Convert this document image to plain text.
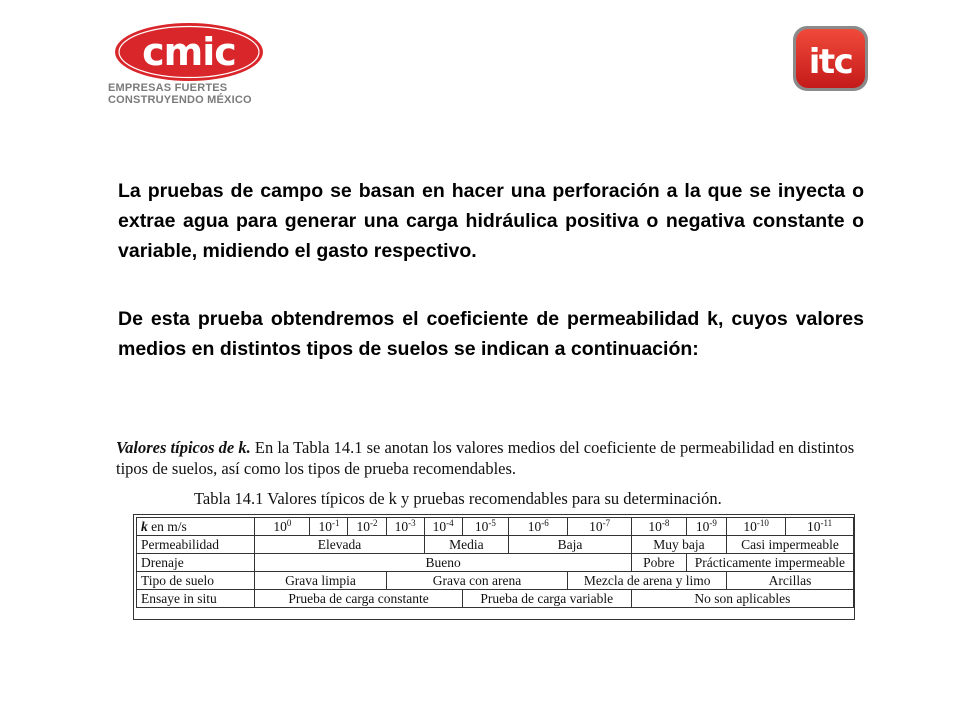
cmic
EMPRESAS FUERTES
CONSTRUYENDO MÉXICO
itc

La pruebas de campo se basan en hacer una perforación a la que se inyecta o extrae agua para generar una carga hidráulica positiva o negativa constante o variable, midiendo el gasto respectivo.

De esta prueba obtendremos el coeficiente de permeabilidad k, cuyos valores medios en distintos tipos de suelos se indican a continuación:

Valores típicos de k. En la Tabla 14.1 se anotan los valores medios del coeficiente de permeabilidad en distintos tipos de suelos, así como los tipos de prueba recomendables.
Tabla 14.1 Valores típicos de k y pruebas recomendables para su determinación.
k en m/s	$10^0$	$10^{-1}$	$10^{-2}$	$10^{-3}$	$10^{-4}$	$10^{-5}$	$10^{-6}$	$10^{-7}$	$10^{-8}$	$10^{-9}$	$10^{-10}$	$10^{-11}$
Permeabilidad	Elevada				Media		Baja		Muy baja		Casi impermeable	
Drenaje	Bueno								Pobre	Prácticamente impermeable		
Tipo de suelo	Grava limpia			Grava con arena				Mezcla de arena y limo			Arcillas	
Ensaye in situ	Prueba de carga constante					Prueba de carga variable			No son aplicables			
